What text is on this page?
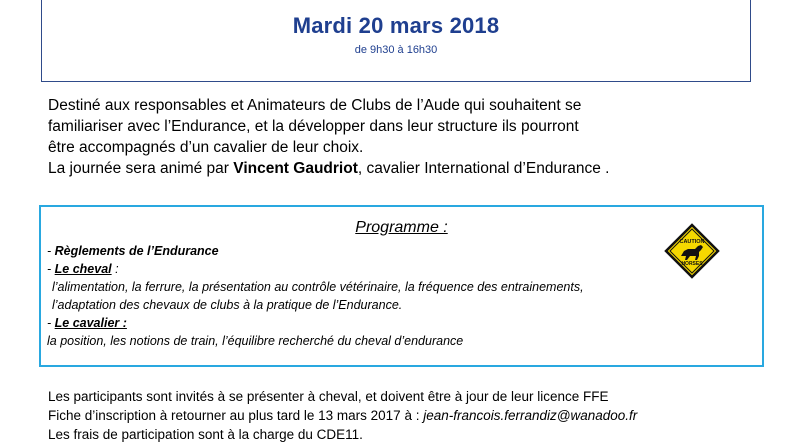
Mardi 20 mars 2018
de 9h30 à 16h30

Destiné aux responsables et Animateurs de Clubs de l’Aude qui souhaitent se

familiariser avec l’Endurance, et la développer dans leur structure ils pourront

être accompagnés d’un cavalier de leur choix.

La journée sera animé par Vincent Gaudriot, cavalier International d’Endurance .

Programme :
- Règlements de l’Endurance
- Le cheval :
l’alimentation, la ferrure, la présentation au contrôle vétérinaire, la fréquence des entrainements,
l’adaptation des chevaux de clubs à la pratique de l’Endurance.
- Le cavalier :
la position, les notions de train, l’équilibre recherché du cheval d’endurance
CAUTION
HORSES

Les participants sont invités à se présenter à cheval, et doivent être à jour de leur licence FFE

Fiche d’inscription à retourner au plus tard le 13 mars 2017 à : jean-francois.ferrandiz@wanadoo.fr

Les frais de participation sont à la charge du CDE11.
